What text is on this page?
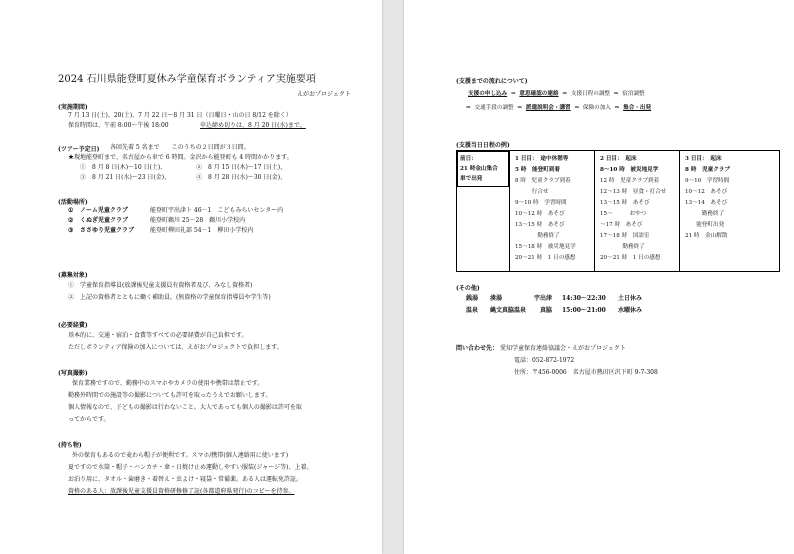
2024 石川県能登町夏休み学童保育ボランティア実施要項
えがおプロジェクト
(実施期間)
7 月 13 日(土)、20(土)、7 月 22 日～8 月 31 日（日曜日・山の日 8/12 を除く）
保育時間は、午前 8:00～午後 18:00	申込締め切りは、8 月 20 日(水)まで。
(ツアー予定日) 各回先着 5 名まで　　このうちの２日間が３日間。
★現地能登町まで、名古屋から車で 6 時間。金沢から能登町も 4 時間かかります。
①　8 月 8 日(木)～10 日(土)、	②　8 月 15 日(木)～17 日(土)、
③　8 月 21 日(水)～23 日(金)、	④　8 月 28 日(水)～30 日(金)、
(活動場所)
① ノーム児童クラブ	能登町宇出津ト 46－1　こどもみらいセンター内
② くぬぎ児童クラブ	能登町鵜川 25－28　鵜川小学校内
③ ささゆり児童クラブ	能登町柳田礼部 54－1　柳田小学校内
(募集対象)
①　学童保育指導員(放課後児童支援員有資格者及び、みなし資格者)
②　上記の資格者とともに働く補助員。(無資格の学童保育指導員や学生等)
(必要経費)
基本的に、交通・宿泊・食費等すべての必要経費が自己負担です。
ただしボランティア保険の加入については、えがおプロジェクトで負担します。
(写真撮影)
保育業務ですので、勤務中のスマホやカメラの使用や携帯は禁止です。
勤務外時間での施設等の撮影についても許可を取ったうえでお願いします。
個人情報なので、子どもの撮影は行わないこと。大人であっても個人の撮影は許可を取
ってからです。
(持ち物)
外の保育もあるので麦わら帽子が便利です。スマホ/携帯(個人連絡用に使います)
夏ですので水筒・帽子・ハンカチ・傘・日焼け止め運動しやすい服装(ジャージ等)、上着。
お泊り用に、タオル・歯磨き・着替え・虫よけ・寝袋・常備薬。ある人は運転免許証。
資格のある人：放課後児童支援員資格研修修了証(各都道府県発行)のコピーを持参。
(支援までの流れについて)
支援の申し込み ⇒ 意思確認の連絡 ⇒ 支援日程の調整 ⇒ 宿泊調整
⇒ 交通手段の調整 ⇒ 派遣説明会・講習 ⇒ 保険の加入 ⇒ 集合・出発
(支援当日日程の例)
前日：
21 時金山集合
車で出発
1 日目：　途中休憩等
5 時　能登町到着
8 時　児童クラブ到着
　　　行合せ
9～10 時　学習時間
10～12 時　あそび
13～15 時　あそび
　　　　勤務終了
15～18 時　被災地見学
20～21 時　1 日の感想
2 日目：　起床
8～10 時　被災地見学
12 時　児童クラブ到着
12～13 時　昼食・打合せ
13～15 時　あそび
15～　　　おやつ
～17 時　あそび
17～18 時　国語室
　　　　勤務終了
20～21 時　1 日の感想
3 日目：　起床
8 時　児童クラブ
9～10　学習時間
10～12　あそび
13～14　あそび
　　　勤務終了
　　能登町出発
21 時　金山解散
(その他)
銭湯 湊湯	宇出津 14:30～22:30 土日休み
温泉 縄文真脇温泉 真脇 15:00～21:00 水曜休み
問い合わせ先： 愛知学童保育連絡協議会・えがおプロジェクト
電話：052-872-1972
住所：〒456-0006　名古屋市熱田区沢下町 9-7-308
